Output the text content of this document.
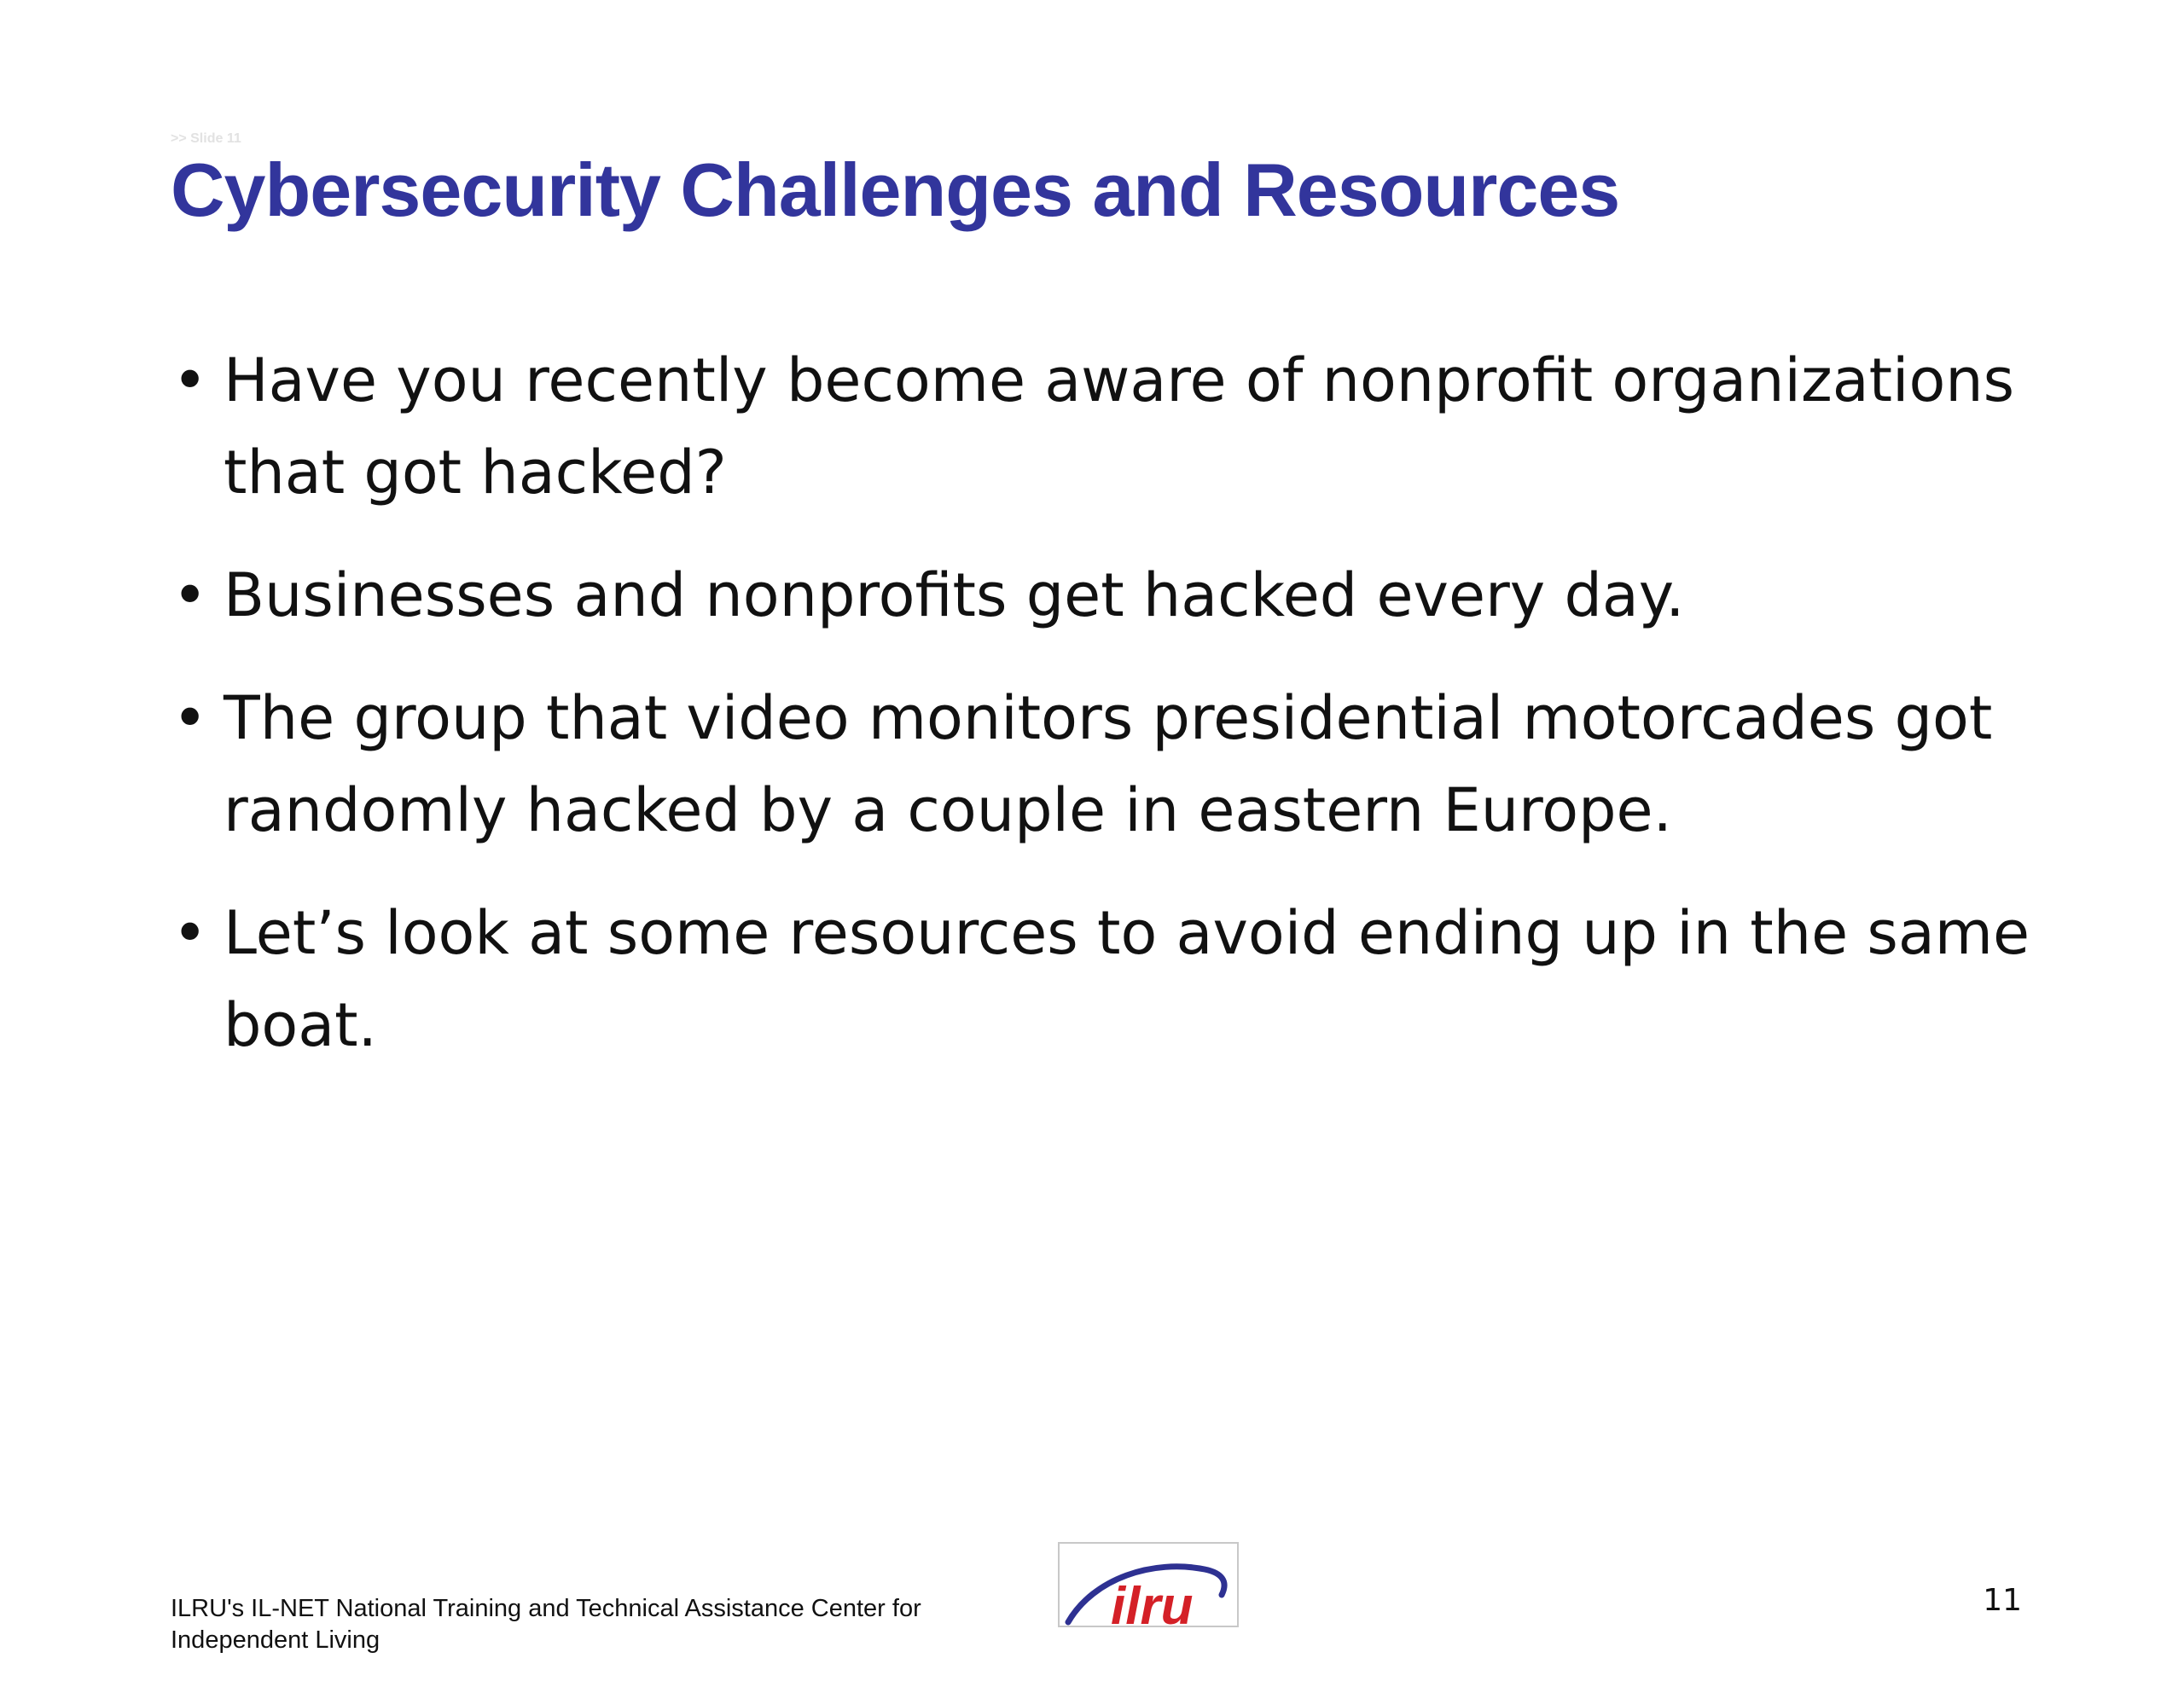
>> Slide 11
Cybersecurity Challenges and Resources
• Have you recently become aware of nonprofit organizations that got hacked?
• Businesses and nonprofits get hacked every day.
• The group that video monitors presidential motorcades got randomly hacked by a couple in eastern Europe.
• Let’s look at some resources to avoid ending up in the same boat.
ILRU's IL-NET National Training and Technical Assistance Center for Independent Living
ilru	11
